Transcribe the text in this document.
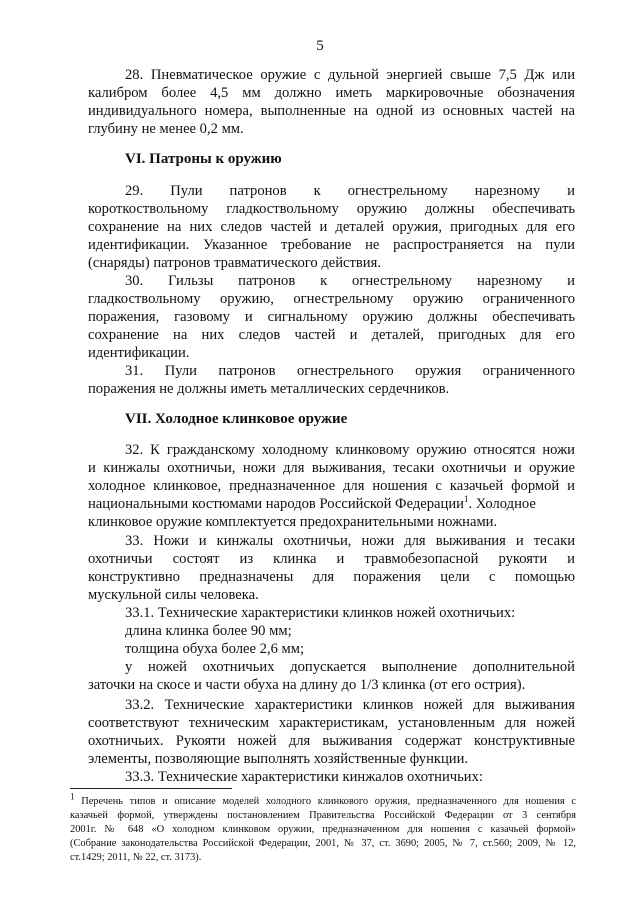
5
28. Пневматическое оружие с дульной энергией свыше 7,5 Дж или
калибром более 4,5 мм должно иметь маркировочные обозначения
индивидуального номера, выполненные на одной из основных частей на
глубину не менее 0,2 мм.
VI. Патроны к оружию
29. Пули патронов к огнестрельному нарезному и
короткоствольному гладкоствольному оружию должны обеспечивать
сохранение на них следов частей и деталей оружия, пригодных для его
идентификации. Указанное требование не распространяется на пули
(снаряды) патронов травматического действия.
30. Гильзы патронов к огнестрельному нарезному и
гладкоствольному оружию, огнестрельному оружию ограниченного
поражения, газовому и сигнальному оружию должны обеспечивать
сохранение на них следов частей и деталей, пригодных для его
идентификации.
31. Пули патронов огнестрельного оружия ограниченного
поражения не должны иметь металлических сердечников.
VII. Холодное клинковое оружие
32. К гражданскому холодному клинковому оружию относятся ножи
и кинжалы охотничьи, ножи для выживания, тесаки охотничьи и оружие
холодное клинковое, предназначенное для ношения с казачьей формой и
национальными костюмами народов Российской Федерации$^1$. Холодное
клинковое оружие комплектуется предохранительными ножнами.
33. Ножи и кинжалы охотничьи, ножи для выживания и тесаки
охотничьи состоят из клинка и травмобезопасной рукояти и
конструктивно предназначены для поражения цели с помощью
мускульной силы человека.
33.1. Технические характеристики клинков ножей охотничьих:
длина клинка более 90 мм;
толщина обуха более 2,6 мм;
у ножей охотничьих допускается выполнение дополнительной
заточки на скосе и части обуха на длину до 1/3 клинка (от его острия).
33.2. Технические характеристики клинков ножей для выживания
соответствуют техническим характеристикам, установленным для ножей
охотничьих. Рукояти ножей для выживания содержат конструктивные
элементы, позволяющие выполнять хозяйственные функции.
33.3. Технические характеристики кинжалов охотничьих:
1 Перечень типов и описание моделей холодного клинкового оружия, предназначенного для ношения с
казачьей формой, утверждены постановлением Правительства Российской Федерации от 3 сентября
2001г. № 648 «О холодном клинковом оружии, предназначенном для ношения с казачьей формой»
(Собрание законодательства Российской Федерации, 2001, № 37, ст. 3690; 2005, № 7, ст.560; 2009, № 12,
ст.1429; 2011, № 22, ст. 3173).
